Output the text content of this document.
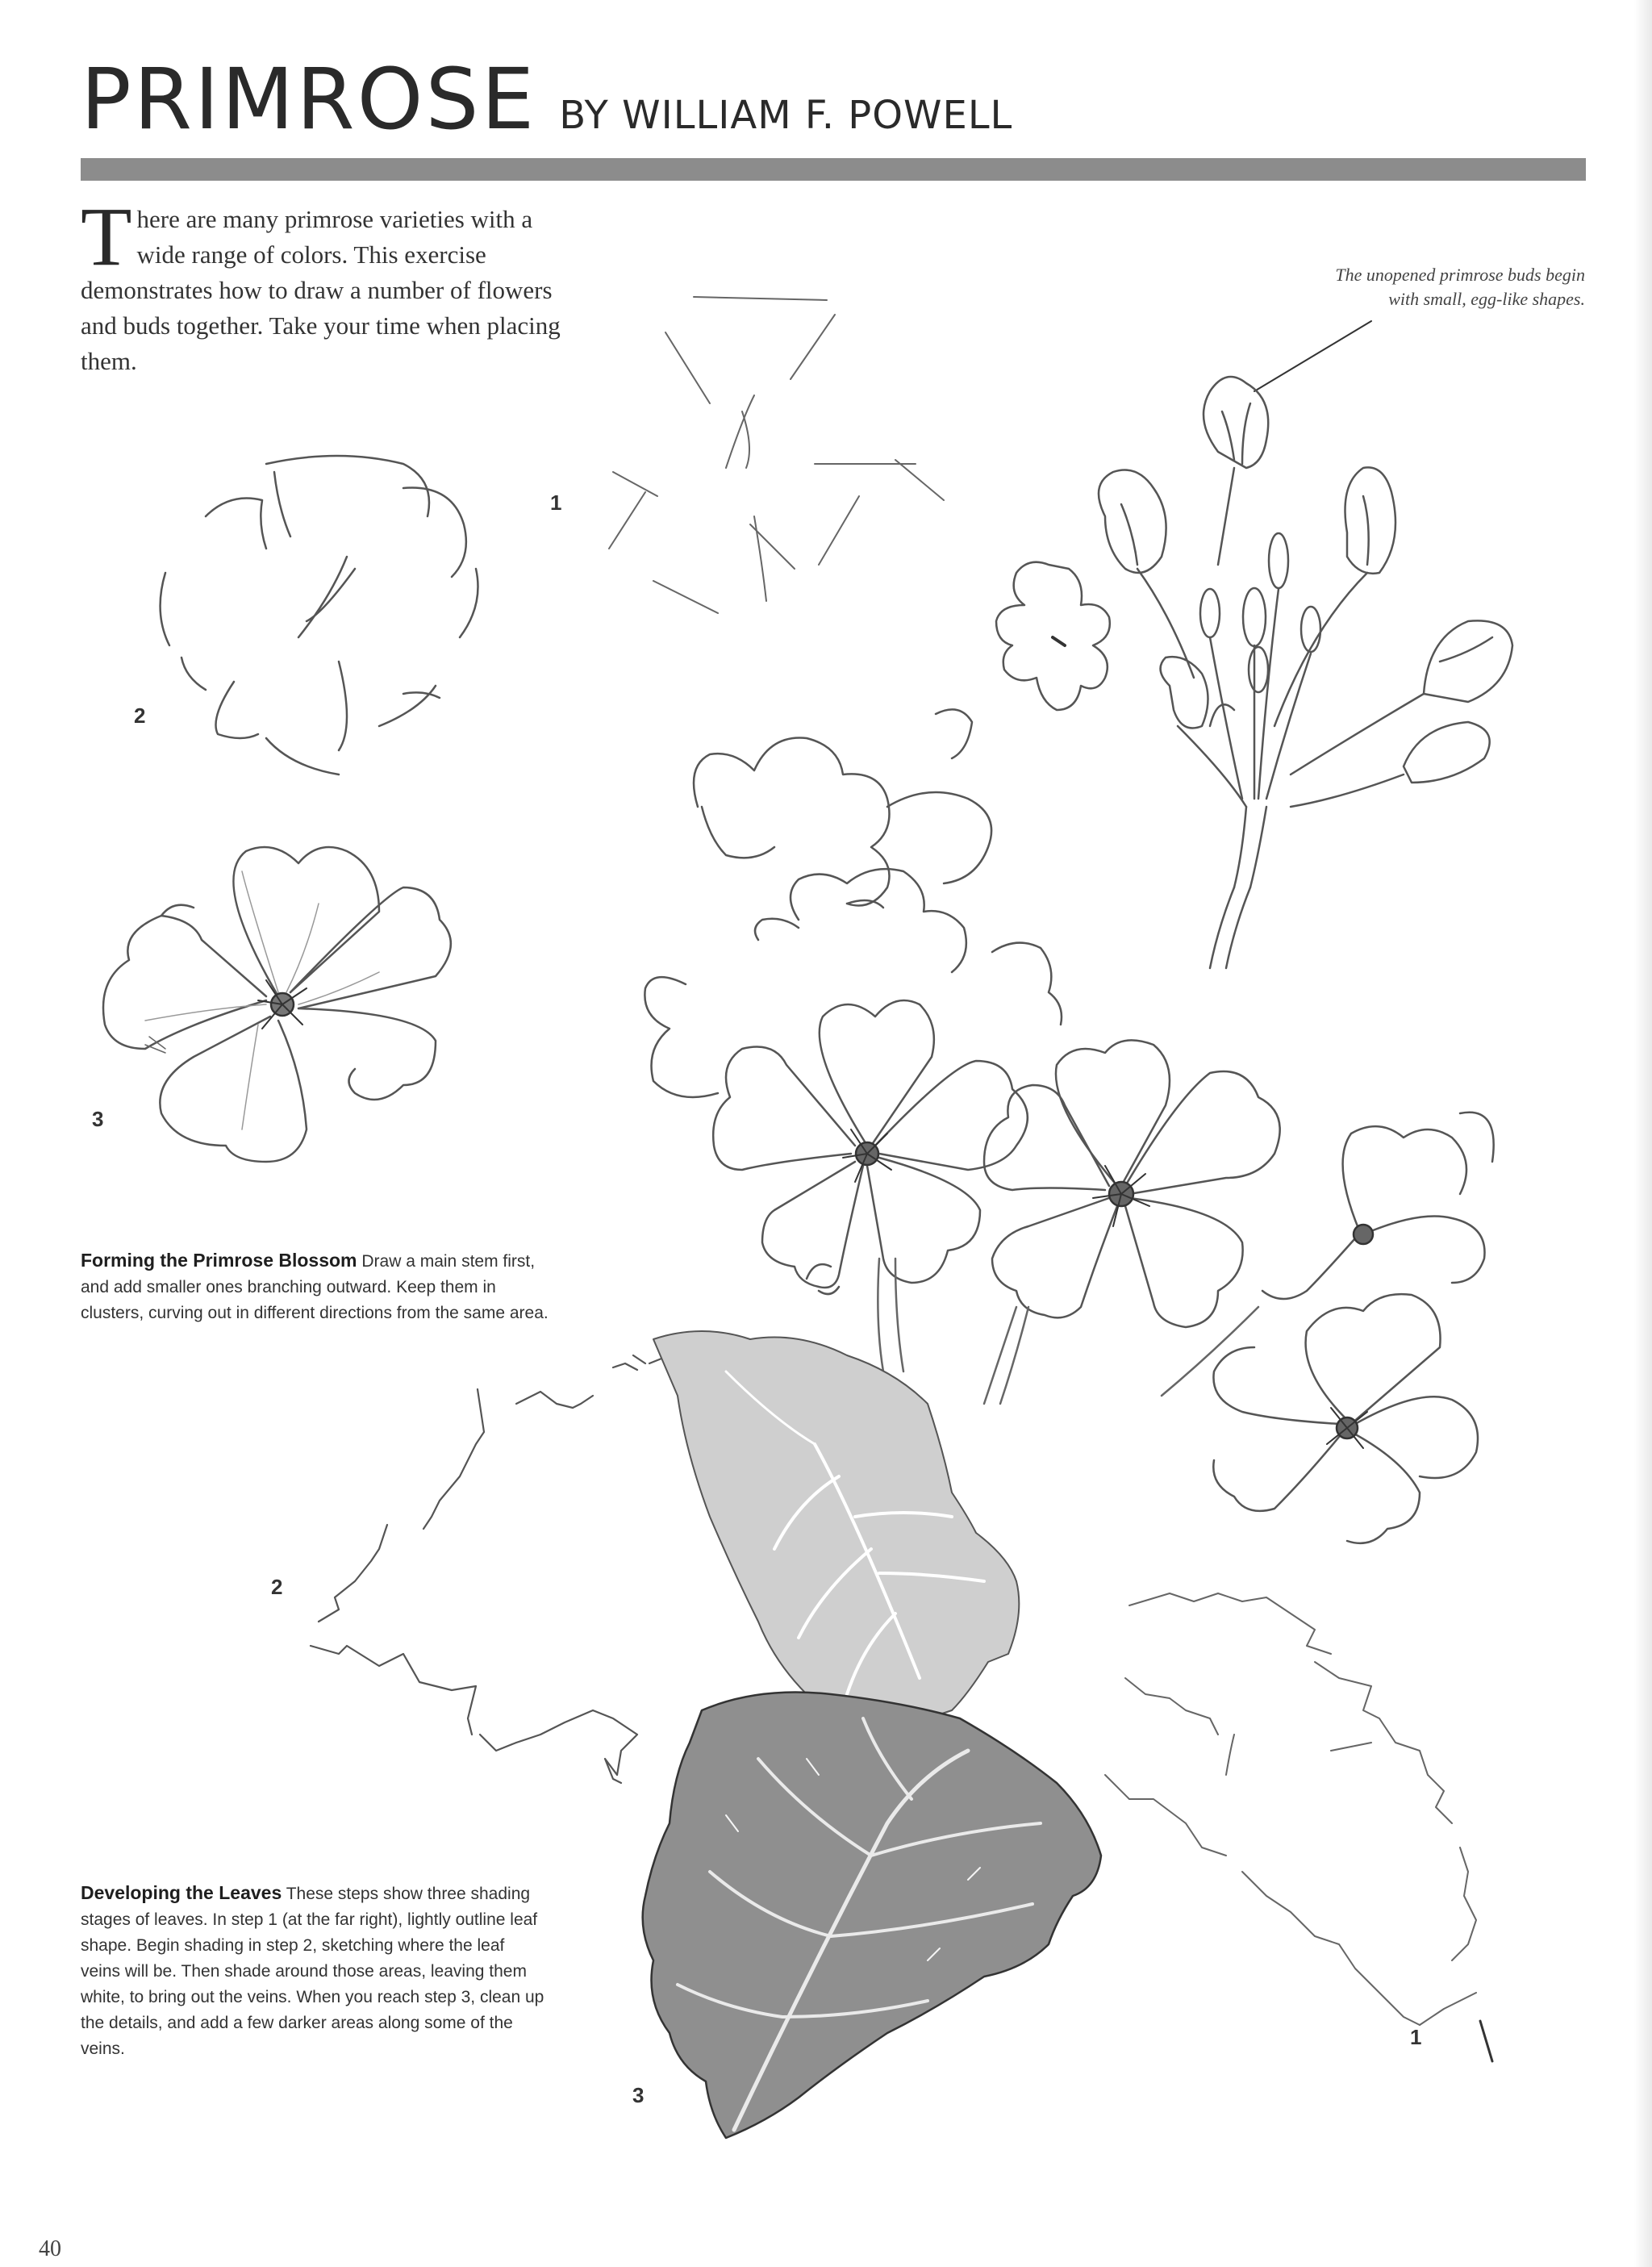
PRIMROSE BY WILLIAM F. POWELL
There are many primrose varieties with a wide range of colors. This exercise demonstrates how to draw a number of flowers and buds together. Take your time when placing them.
The unopened primrose buds begin with small, egg-like shapes.
1
2
3
1
2
3
Forming the Primrose Blossom Draw a main stem first, and add smaller ones branching outward. Keep them in clusters, curving out in different directions from the same area.
Developing the Leaves These steps show three shading stages of leaves. In step 1 (at the far right), lightly outline leaf shape. Begin shading in step 2, sketching where the leaf veins will be. Then shade around those areas, leaving them white, to bring out the veins. When you reach step 3, clean up the details, and add a few darker areas along some of the veins.
40
